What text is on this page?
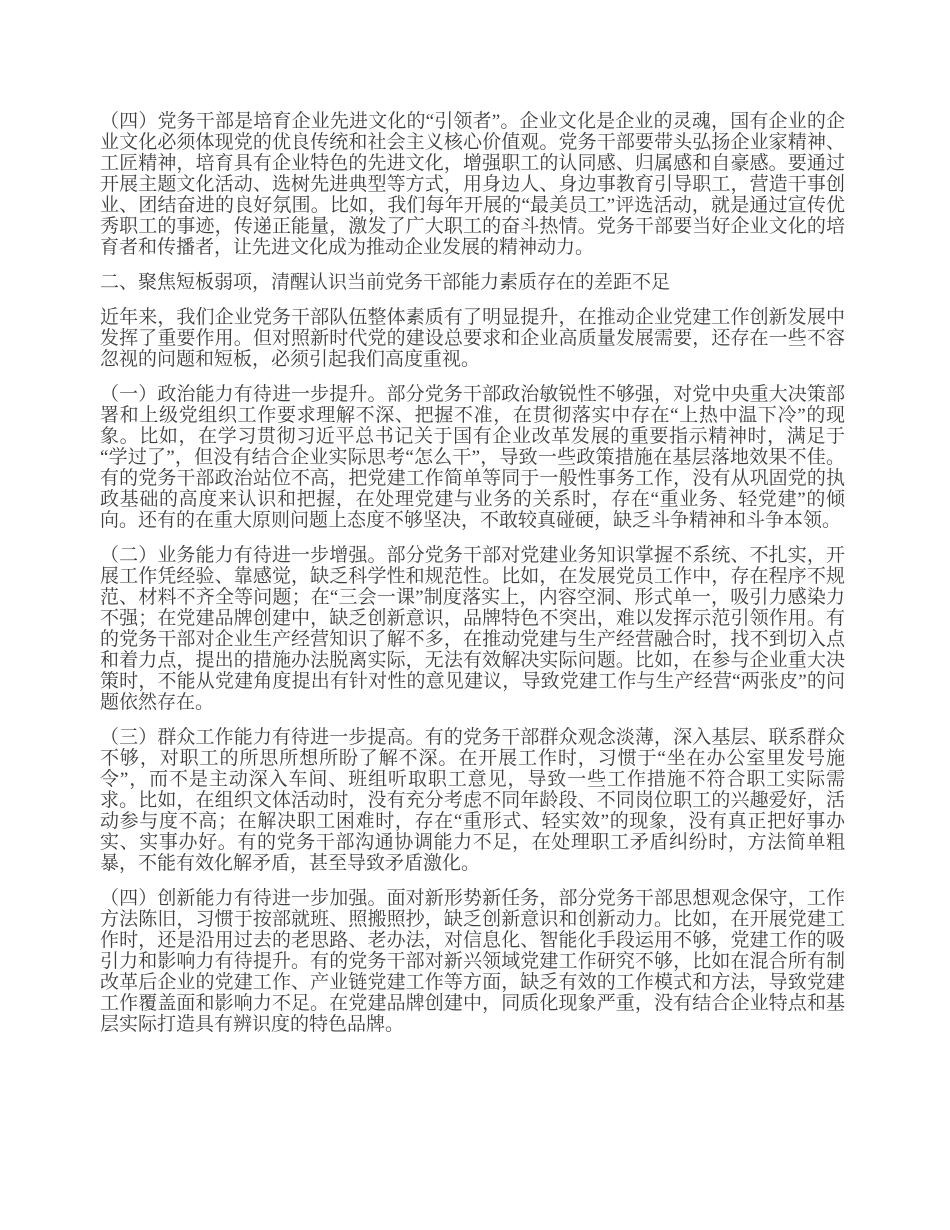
（四）党务干部是培育企业先进文化的“引领者”。企业文化是企业的灵魂，国有企业的企业文化必须体现党的优良传统和社会主义核心价值观。党务干部要带头弘扬企业家精神、工匠精神，培育具有企业特色的先进文化，增强职工的认同感、归属感和自豪感。要通过开展主题文化活动、选树先进典型等方式，用身边人、身边事教育引导职工，营造干事创业、团结奋进的良好氛围。比如，我们每年开展的“最美员工”评选活动，就是通过宣传优秀职工的事迹，传递正能量，激发了广大职工的奋斗热情。党务干部要当好企业文化的培育者和传播者，让先进文化成为推动企业发展的精神动力。

二、聚焦短板弱项，清醒认识当前党务干部能力素质存在的差距不足

近年来，我们企业党务干部队伍整体素质有了明显提升，在推动企业党建工作创新发展中发挥了重要作用。但对照新时代党的建设总要求和企业高质量发展需要，还存在一些不容忽视的问题和短板，必须引起我们高度重视。

（一）政治能力有待进一步提升。部分党务干部政治敏锐性不够强，对党中央重大决策部署和上级党组织工作要求理解不深、把握不准，在贯彻落实中存在“上热中温下冷”的现象。比如，在学习贯彻习近平总书记关于国有企业改革发展的重要指示精神时，满足于“学过了”，但没有结合企业实际思考“怎么干”，导致一些政策措施在基层落地效果不佳。有的党务干部政治站位不高，把党建工作简单等同于一般性事务工作，没有从巩固党的执政基础的高度来认识和把握，在处理党建与业务的关系时，存在“重业务、轻党建”的倾向。还有的在重大原则问题上态度不够坚决，不敢较真碰硬，缺乏斗争精神和斗争本领。

（二）业务能力有待进一步增强。部分党务干部对党建业务知识掌握不系统、不扎实，开展工作凭经验、靠感觉，缺乏科学性和规范性。比如，在发展党员工作中，存在程序不规范、材料不齐全等问题；在“三会一课”制度落实上，内容空洞、形式单一，吸引力感染力不强；在党建品牌创建中，缺乏创新意识，品牌特色不突出，难以发挥示范引领作用。有的党务干部对企业生产经营知识了解不多，在推动党建与生产经营融合时，找不到切入点和着力点，提出的措施办法脱离实际，无法有效解决实际问题。比如，在参与企业重大决策时，不能从党建角度提出有针对性的意见建议，导致党建工作与生产经营“两张皮”的问题依然存在。

（三）群众工作能力有待进一步提高。有的党务干部群众观念淡薄，深入基层、联系群众不够，对职工的所思所想所盼了解不深。在开展工作时，习惯于“坐在办公室里发号施令”，而不是主动深入车间、班组听取职工意见，导致一些工作措施不符合职工实际需求。比如，在组织文体活动时，没有充分考虑不同年龄段、不同岗位职工的兴趣爱好，活动参与度不高；在解决职工困难时，存在“重形式、轻实效”的现象，没有真正把好事办实、实事办好。有的党务干部沟通协调能力不足，在处理职工矛盾纠纷时，方法简单粗暴，不能有效化解矛盾，甚至导致矛盾激化。

（四）创新能力有待进一步加强。面对新形势新任务，部分党务干部思想观念保守，工作方法陈旧，习惯于按部就班、照搬照抄，缺乏创新意识和创新动力。比如，在开展党建工作时，还是沿用过去的老思路、老办法，对信息化、智能化手段运用不够，党建工作的吸引力和影响力有待提升。有的党务干部对新兴领域党建工作研究不够，比如在混合所有制改革后企业的党建工作、产业链党建工作等方面，缺乏有效的工作模式和方法，导致党建工作覆盖面和影响力不足。在党建品牌创建中，同质化现象严重，没有结合企业特点和基层实际打造具有辨识度的特色品牌。
